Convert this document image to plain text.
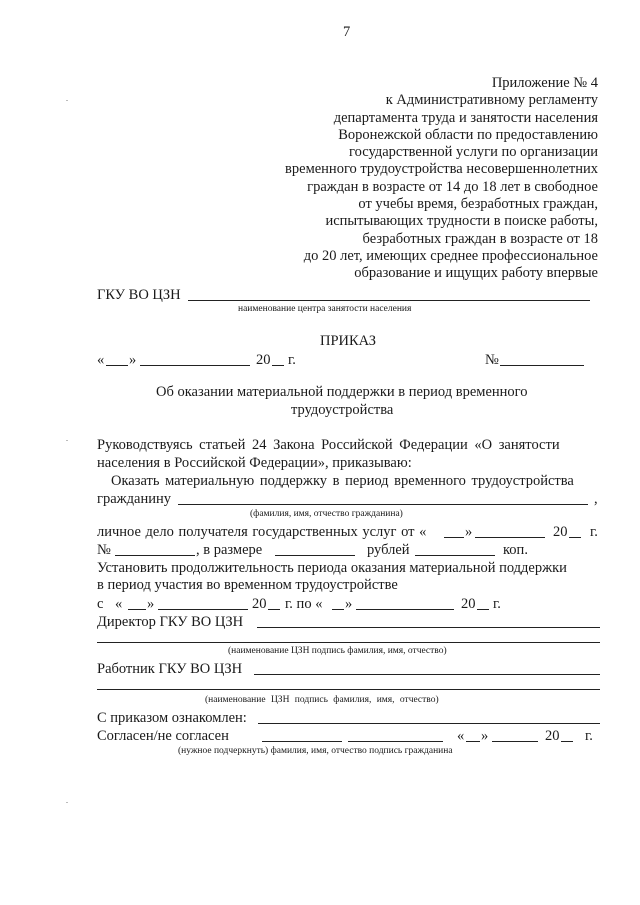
7
Приложение № 4
к Административному регламенту
департамента труда и занятости населения
Воронежской области по предоставлению
государственной услуги по организации
временного трудоустройства несовершеннолетних
граждан в возрасте от 14 до 18 лет в свободное
от учебы время, безработных граждан,
испытывающих трудности в поиске работы,
безработных граждан в возрасте от 18
до 20 лет, имеющих среднее профессиональное
образование и ищущих работу впервые
ГКУ ВО ЦЗН
наименование центра занятости населения
ПРИКАЗ
« »	20 г.	№
Об оказании материальной поддержки в период временного
трудоустройства
Руководствуясь статьей 24 Закона Российской Федерации «О занятости
населения в Российской Федерации», приказываю:
Оказать материальную поддержку в период временного трудоустройства
гражданину	,
(фамилия, имя, отчество гражданина)
личное дело получателя государственных услуг от «	»	20 г.
№	, в размере	рублей	коп.
Установить продолжительность периода оказания материальной поддержки
в период участия во временном трудоустройстве
с « »	20 г. по « »	20 г.
Директор ГКУ ВО ЦЗН
(наименование ЦЗН подпись фамилия, имя, отчество)
Работник ГКУ ВО ЦЗН
(наименование ЦЗН подпись фамилия, имя, отчество)
С приказом ознакомлен:
Согласен/не согласен	« »	20 г.
(нужное подчеркнуть) фамилия, имя, отчество подпись гражданина
